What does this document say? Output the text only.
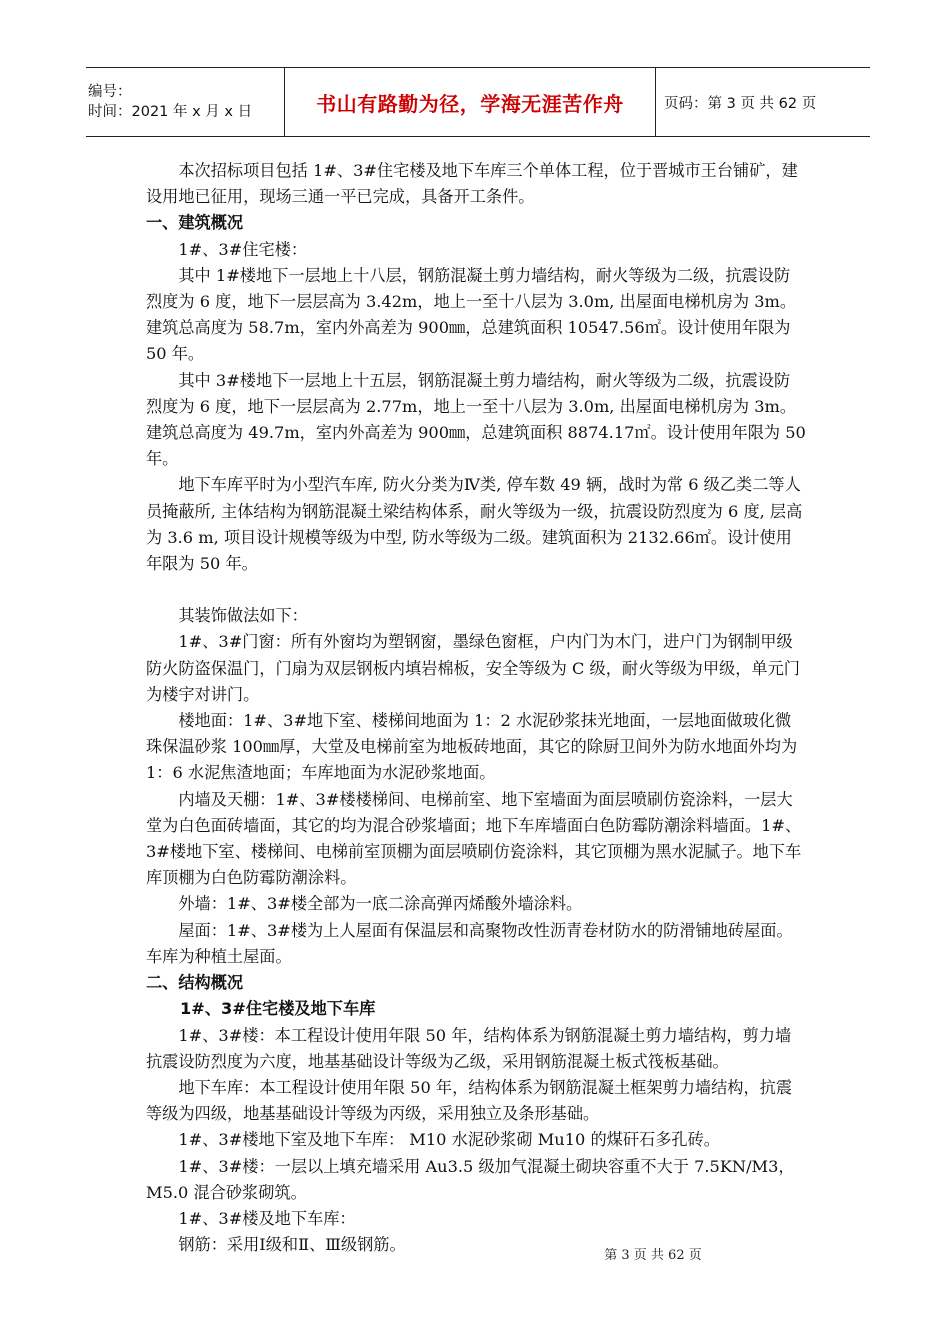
编号：
时间：2021 年 x 月 x 日	书山有路勤为径，学海无涯苦作舟	页码：第 3 页 共 62 页

　　本次招标项目包括 1#、3#住宅楼及地下车库三个单体工程，位于晋城市王台铺矿，建设用地已征用，现场三通一平已完成，具备开工条件。

一、建筑概况

　　1#、3#住宅楼：

　　其中 1#楼地下一层地上十八层，钢筋混凝土剪力墙结构，耐火等级为二级，抗震设防烈度为 6 度，地下一层层高为 3.42m，地上一至十八层为 3.0m, 出屋面电梯机房为 3m。建筑总高度为 58.7m，室内外高差为 900㎜，总建筑面积 10547.56㎡。设计使用年限为 50 年。

　　其中 3#楼地下一层地上十五层，钢筋混凝土剪力墙结构，耐火等级为二级，抗震设防烈度为 6 度，地下一层层高为 2.77m，地上一至十八层为 3.0m, 出屋面电梯机房为 3m。建筑总高度为 49.7m，室内外高差为 900㎜，总建筑面积 8874.17㎡。设计使用年限为 50 年。

　　地下车库平时为小型汽车库, 防火分类为Ⅳ类, 停车数 49 辆，战时为常 6 级乙类二等人员掩蔽所, 主体结构为钢筋混凝土梁结构体系，耐火等级为一级，抗震设防烈度为 6 度, 层高为 3.6 m, 项目设计规模等级为中型, 防水等级为二级。建筑面积为 2132.66㎡。设计使用年限为 50 年。

　　其装饰做法如下：

　　1#、3#门窗：所有外窗均为塑钢窗，墨绿色窗框，户内门为木门，进户门为钢制甲级防火防盗保温门，门扇为双层钢板内填岩棉板，安全等级为 C 级，耐火等级为甲级，单元门为楼宇对讲门。

　　楼地面：1#、3#地下室、楼梯间地面为 1：2 水泥砂浆抹光地面，一层地面做玻化微珠保温砂浆 100㎜厚，大堂及电梯前室为地板砖地面，其它的除厨卫间外为防水地面外均为 1：6 水泥焦渣地面；车库地面为水泥砂浆地面。

　　内墙及天棚：1#、3#楼楼梯间、电梯前室、地下室墙面为面层喷刷仿瓷涂料，一层大堂为白色面砖墙面，其它的均为混合砂浆墙面；地下车库墙面白色防霉防潮涂料墙面。1#、3#楼地下室、楼梯间、电梯前室顶棚为面层喷刷仿瓷涂料，其它顶棚为黑水泥腻子。地下车库顶棚为白色防霉防潮涂料。

　　外墙：1#、3#楼全部为一底二涂高弹丙烯酸外墙涂料。

　　屋面：1#、3#楼为上人屋面有保温层和高聚物改性沥青卷材防水的防滑铺地砖屋面。车库为种植土屋面。

二、结构概况

1#、3#住宅楼及地下车库

　　1#、3#楼：本工程设计使用年限 50 年，结构体系为钢筋混凝土剪力墙结构，剪力墙抗震设防烈度为六度，地基基础设计等级为乙级，采用钢筋混凝土板式筏板基础。

　　地下车库：本工程设计使用年限 50 年，结构体系为钢筋混凝土框架剪力墙结构，抗震等级为四级，地基基础设计等级为丙级，采用独立及条形基础。

　　1#、3#楼地下室及地下车库： M10 水泥砂浆砌 Mu10 的煤矸石多孔砖。

　　1#、3#楼：一层以上填充墙采用 Au3.5 级加气混凝土砌块容重不大于 7.5KN/M3，M5.0 混合砂浆砌筑。

　　1#、3#楼及地下车库：

　　钢筋：采用Ⅰ级和Ⅱ、Ⅲ级钢筋。

第 3 页 共 62 页
